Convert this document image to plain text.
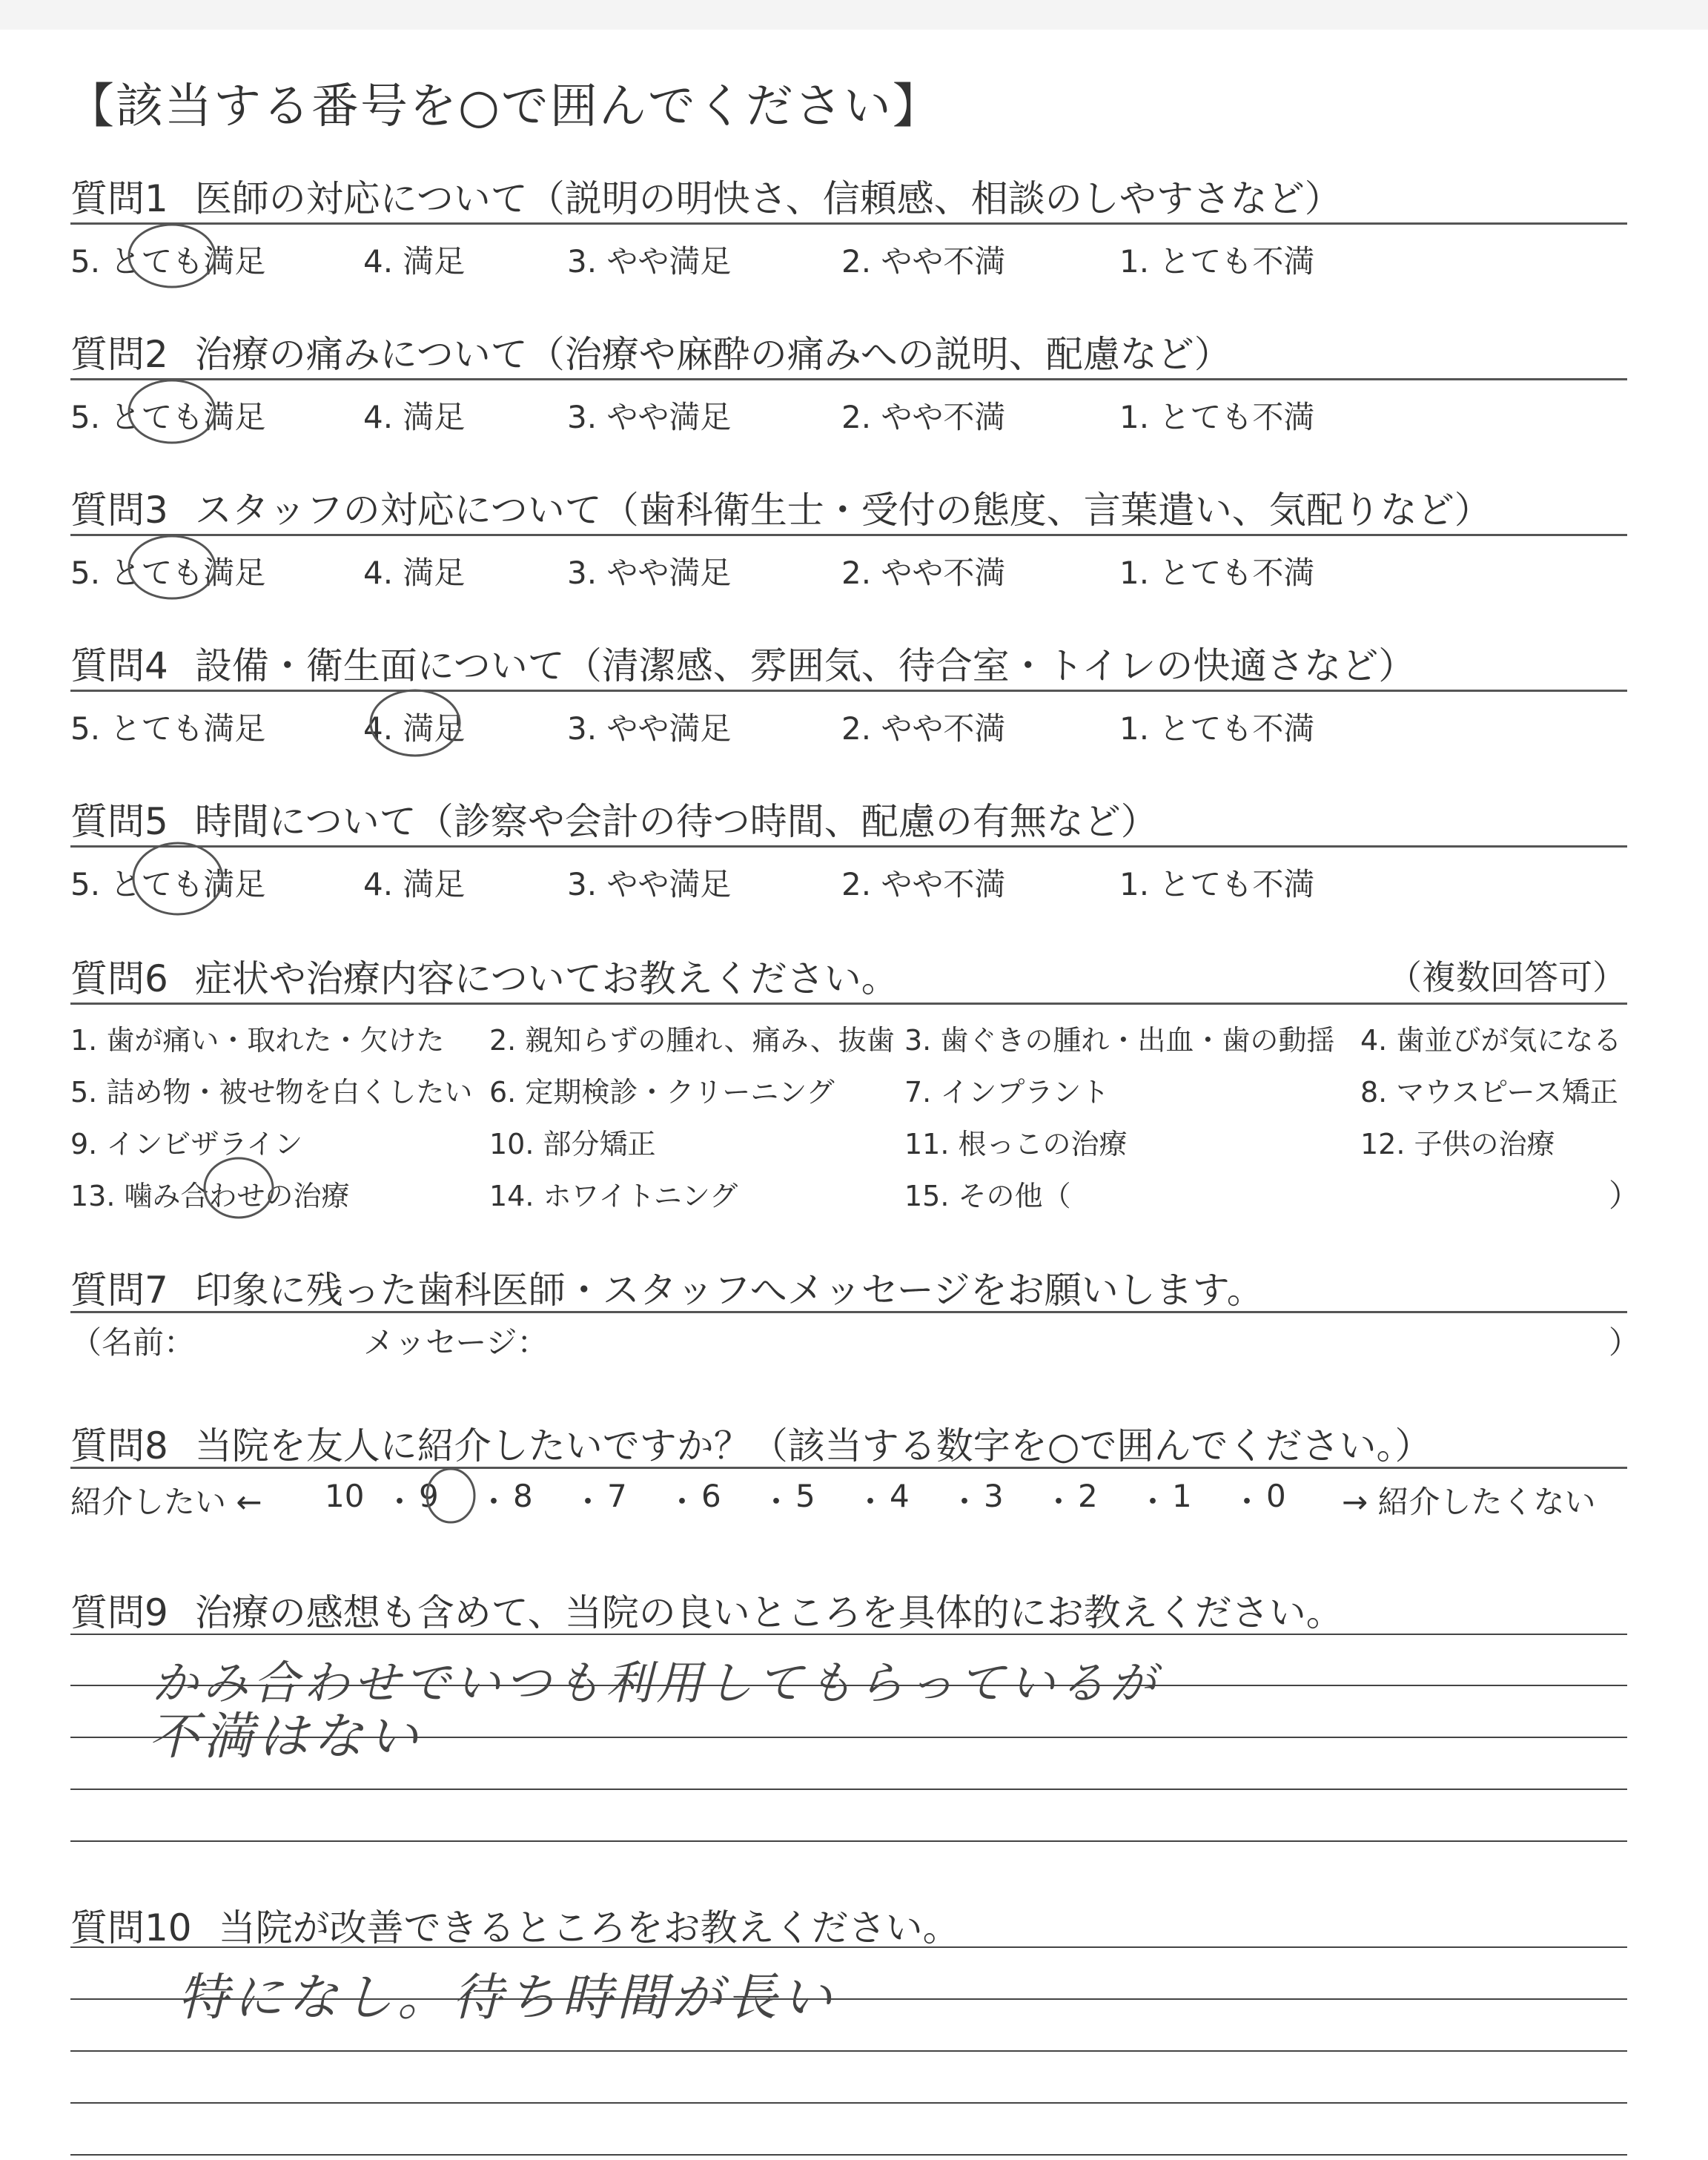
【該当する番号を○で囲んでください】
質問1 医師の対応について（説明の明快さ、信頼感、相談のしやすさなど）
5. とても満足	4. 満足	3. やや満足	2. やや不満	1. とても不満
質問2 治療の痛みについて（治療や麻酔の痛みへの説明、配慮など）
5. とても満足	4. 満足	3. やや満足	2. やや不満	1. とても不満
質問3 スタッフの対応について（歯科衛生士・受付の態度、言葉遣い、気配りなど）
5. とても満足	4. 満足	3. やや満足	2. やや不満	1. とても不満
質問4 設備・衛生面について（清潔感、雰囲気、待合室・トイレの快適さなど）
5. とても満足	4. 満足	3. やや満足	2. やや不満	1. とても不満
質問5 時間について（診察や会計の待つ時間、配慮の有無など）
5. とても満足	4. 満足	3. やや満足	2. やや不満	1. とても不満
質問6 症状や治療内容についてお教えください。	（複数回答可）
1. 歯が痛い・取れた・欠けた 2. 親知らずの腫れ、痛み、抜歯 3. 歯ぐきの腫れ・出血・歯の動揺 4. 歯並びが気になる
5. 詰め物・被せ物を白くしたい 6. 定期検診・クリーニング 7. インプラント	8. マウスピース矯正
9. インビザライン	10. 部分矯正	11. 根っこの治療	12. 子供の治療
13. 噛み合わせの治療	14. ホワイトニング	15. その他（	）
質問7 印象に残った歯科医師・スタッフへメッセージをお願いします。
（名前：	メッセージ：	）
質問8 当院を友人に紹介したいですか？（該当する数字を○で囲んでください。）
紹介したい ← 10 ・ 9 ・ 8 ・ 7 ・ 6 ・ 5 ・ 4 ・ 3 ・ 2 ・ 1 ・ 0 → 紹介したくない
質問9 治療の感想も含めて、当院の良いところを具体的にお教えください。
かみ合わせでいつも利用してもらっているが
不満はない
質問10 当院が改善できるところをお教えください。
特になし。待ち時間が長い
